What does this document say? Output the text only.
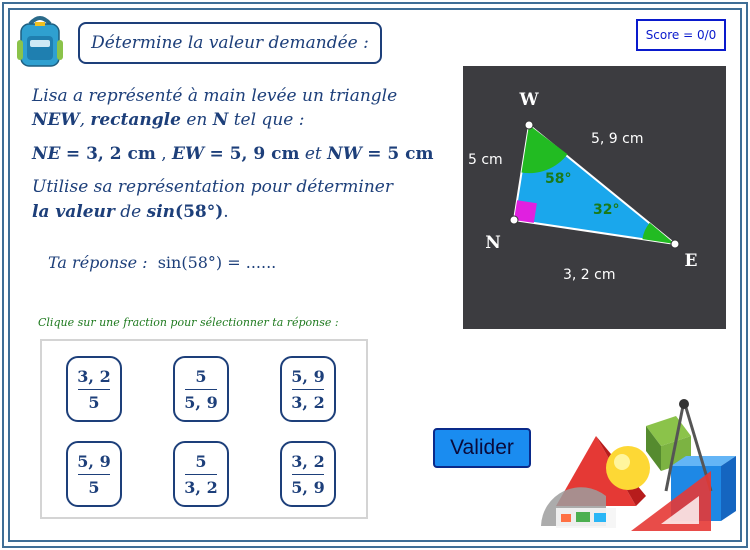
Détermine la valeur demandée :	Score = 0/0
Lisa a représenté à main levée un triangle
NEW, rectangle en N tel que :
NE = 3, 2 cm , EW = 5, 9 cm et NW = 5 cm
Utilise sa représentation pour déterminer
la valeur de sin(58°).
Ta réponse : sin(58°) = ......
Clique sur une fraction pour sélectionner ta réponse :
3, 2
5
5
5, 9
5, 9
3, 2
5, 9
5
5
3, 2
3, 2
5, 9
W
N
E
5 cm
5, 9 cm
3, 2 cm
58°
32°
Valider
